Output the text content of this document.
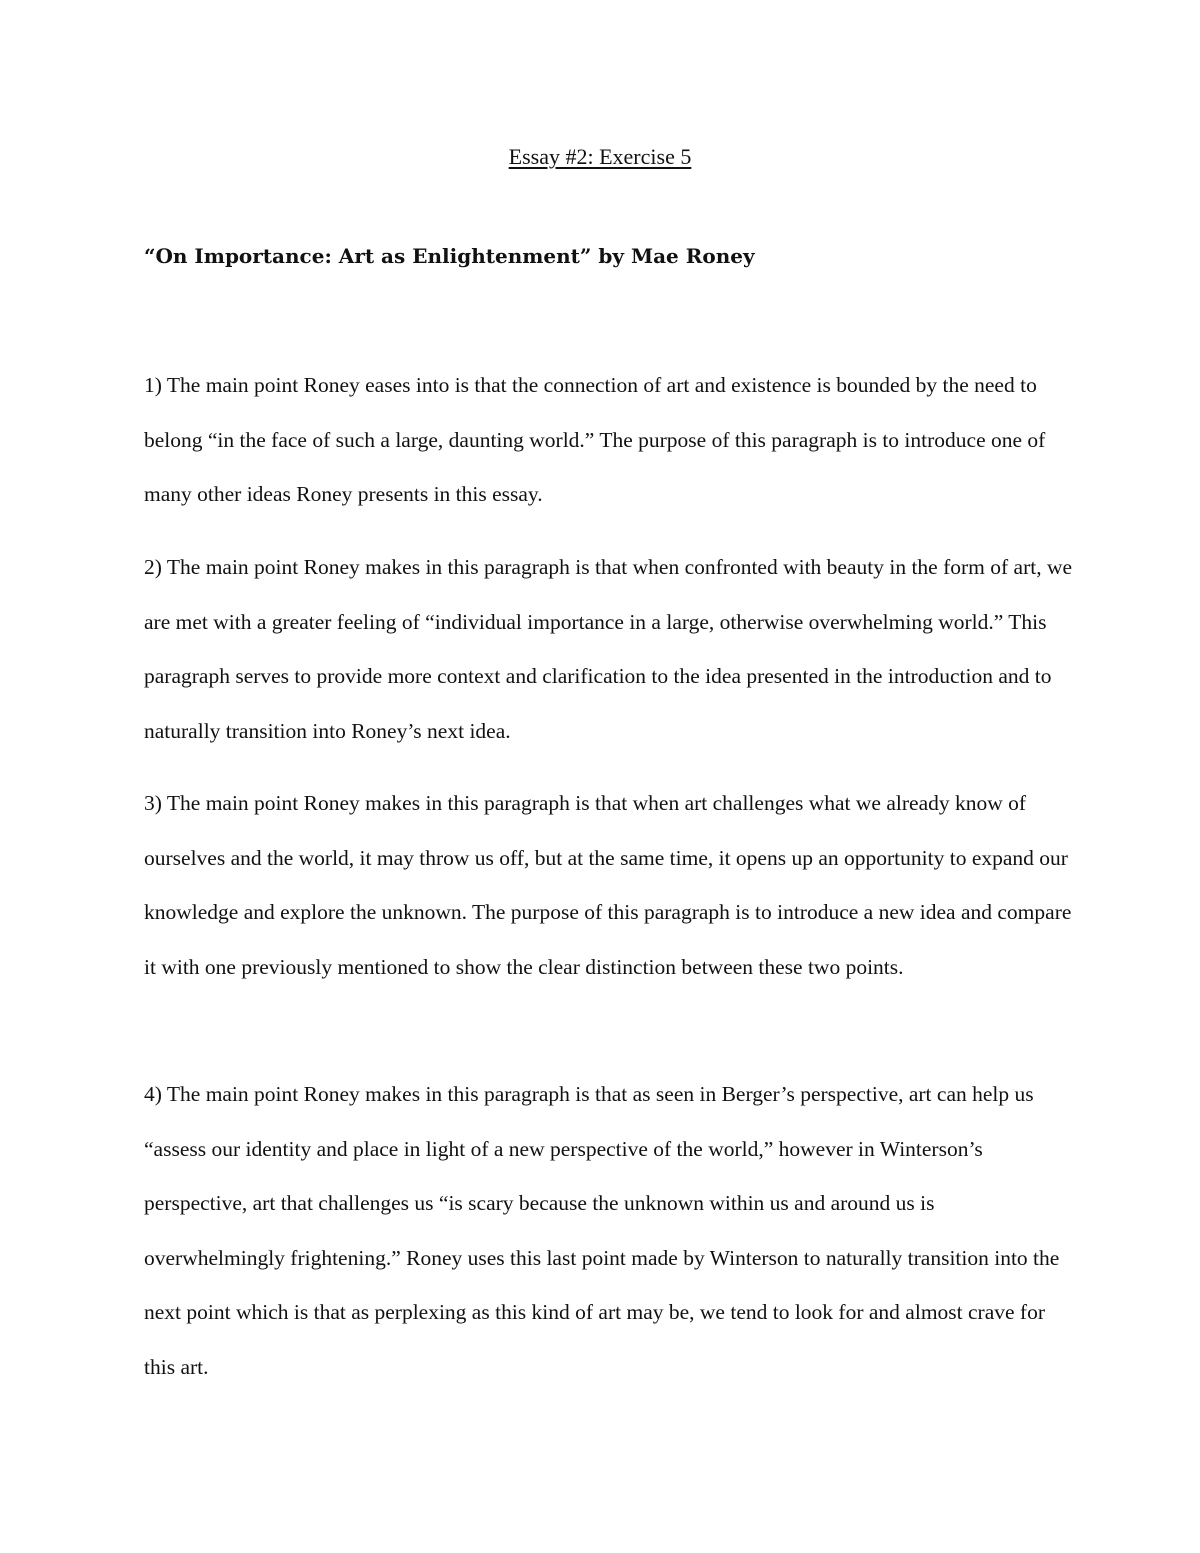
Essay #2: Exercise 5
“On Importance: Art as Enlightenment” by Mae Roney

1) The main point Roney eases into is that the connection of art and existence is bounded by the need to belong “in the face of such a large, daunting world.” The purpose of this paragraph is to introduce one of many other ideas Roney presents in this essay.

2) The main point Roney makes in this paragraph is that when confronted with beauty in the form of art, we are met with a greater feeling of “individual importance in a large, otherwise overwhelming world.” This paragraph serves to provide more context and clarification to the idea presented in the introduction and to naturally transition into Roney’s next idea.

3) The main point Roney makes in this paragraph is that when art challenges what we already know of ourselves and the world, it may throw us off, but at the same time, it opens up an opportunity to expand our knowledge and explore the unknown. The purpose of this paragraph is to introduce a new idea and compare it with one previously mentioned to show the clear distinction between these two points.

4) The main point Roney makes in this paragraph is that as seen in Berger’s perspective, art can help us “assess our identity and place in light of a new perspective of the world,” however in Winterson’s perspective, art that challenges us “is scary because the unknown within us and around us is overwhelmingly frightening.” Roney uses this last point made by Winterson to naturally transition into the next point which is that as perplexing as this kind of art may be, we tend to look for and almost crave for this art.
